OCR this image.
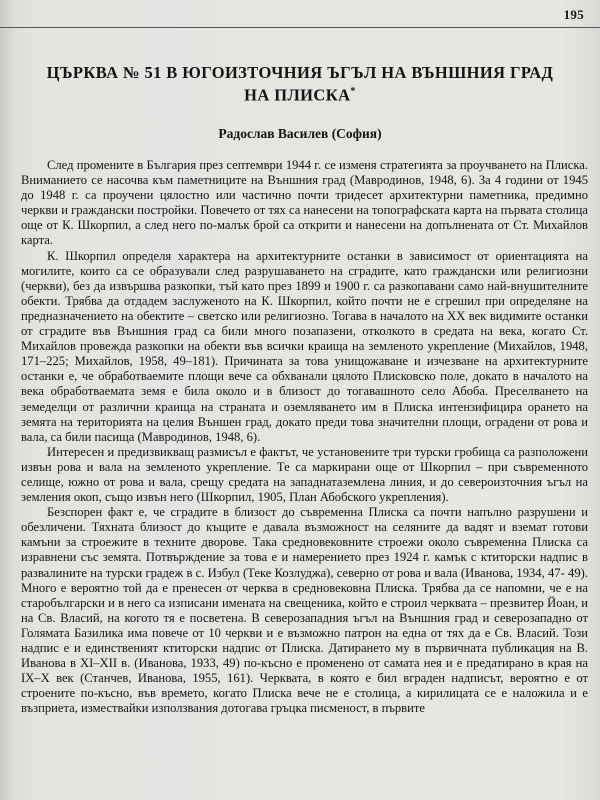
195
ЦЪРКВА № 51 В ЮГОИЗТОЧНИЯ ЪГЪЛ НА ВЪНШНИЯ ГРАД НА ПЛИСКА*
Радослав Василев (София)

След промените в България през септември 1944 г. се изменя стратегията за проучването на Плиска. Вниманието се насочва към паметниците на Външния град (Мавродинов, 1948, 6). За 4 години от 1945 до 1948 г. са проучени цялостно или частично почти тридесет архитектурни паметника, предимно черкви и граждански постройки. Повечето от тях са нанесени на топографската карта на първата столица още от К. Шкорпил, а след него по-малък брой са открити и нанесени на допълнената от Ст. Михайлов карта.

К. Шкорпил определя характера на архитектурните останки в зависимост от ориентацията на могилите, които са се образували след разрушаването на сградите, като граждански или религиозни (черкви), без да извършва разкопки, тъй като през 1899 и 1900 г. са разкопавани само най-внушителните обекти. Трябва да отдадем заслуженото на К. Шкорпил, който почти не е сгрешил при определяне на предназначението на обектите – светско или религиозно. Тогава в началото на ХХ век видимите останки от сградите във Външния град са били много позапазени, отколкото в средата на века, когато Ст. Михайлов провежда разкопки на обекти във всички краища на земленото укрепление (Михайлов, 1948, 171–225; Михайлов, 1958, 49–181). Причината за това унищожаване и изчезване на архитектурните останки е, че обработваемите площи вече са обхванали цялото Плисковско поле, докато в началото на века обработваемата земя е била около и в близост до тогавашното село Абоба. Преселването на земеделци от различни краища на страната и оземляването им в Плиска интензифицира орането на земята на територията на целия Външен град, докато преди това значителни площи, оградени от рова и вала, са били пасища (Мавродинов, 1948, 6).

Интересен и предизвикващ размисъл е фактът, че установените три турски гробища са разположени извън рова и вала на земленото укрепление. Те са маркирани още от Шкорпил – при съвременното селище, южно от рова и вала, срещу средата на западнатаземлена линия, и до североизточния ъгъл на земления окоп, също извън него (Шкорпил, 1905, План Абобского укрепления).

Безспорен факт е, че сградите в близост до съвременна Плиска са почти напълно разрушени и обезличени. Тяхната близост до къщите е давала възможност на селяните да вадят и вземат готови камъни за строежите в техните дворове. Така средновековните строежи около съвременна Плиска са изравнени със земята. Потвърждение за това е и намерението през 1924 г. камък с ктиторски надпис в развалините на турски градеж в с. Избул (Теке Козлуджа), северно от рова и вала (Иванова, 1934, 47- 49). Много е вероятно той да е пренесен от черква в средновековна Плиска. Трябва да се напомни, че е на старобългарски и в него са изписани имената на свещеника, който е строил черквата – презвитер Йоан, и на Св. Власий, на когото тя е посветена. В северозападния ъгъл на Външния град и северозападно от Голямата Базилика има повече от 10 черкви и е възможно патрон на една от тях да е Св. Власий. Този надпис е и единственият ктиторски надпис от Плиска. Датирането му в първичната публикация на В. Иванова в XI–XII в. (Иванова, 1933, 49) по-късно е променено от самата нея и е предатирано в края на IX–X век (Станчев, Иванова, 1955, 161). Черквата, в която е бил вграден надписът, вероятно е от строените по-късно, във времето, когато Плиска вече не е столица, а кирилицата се е наложила и е възприета, измествайки използвания дотогава гръцка писменост, в първите
